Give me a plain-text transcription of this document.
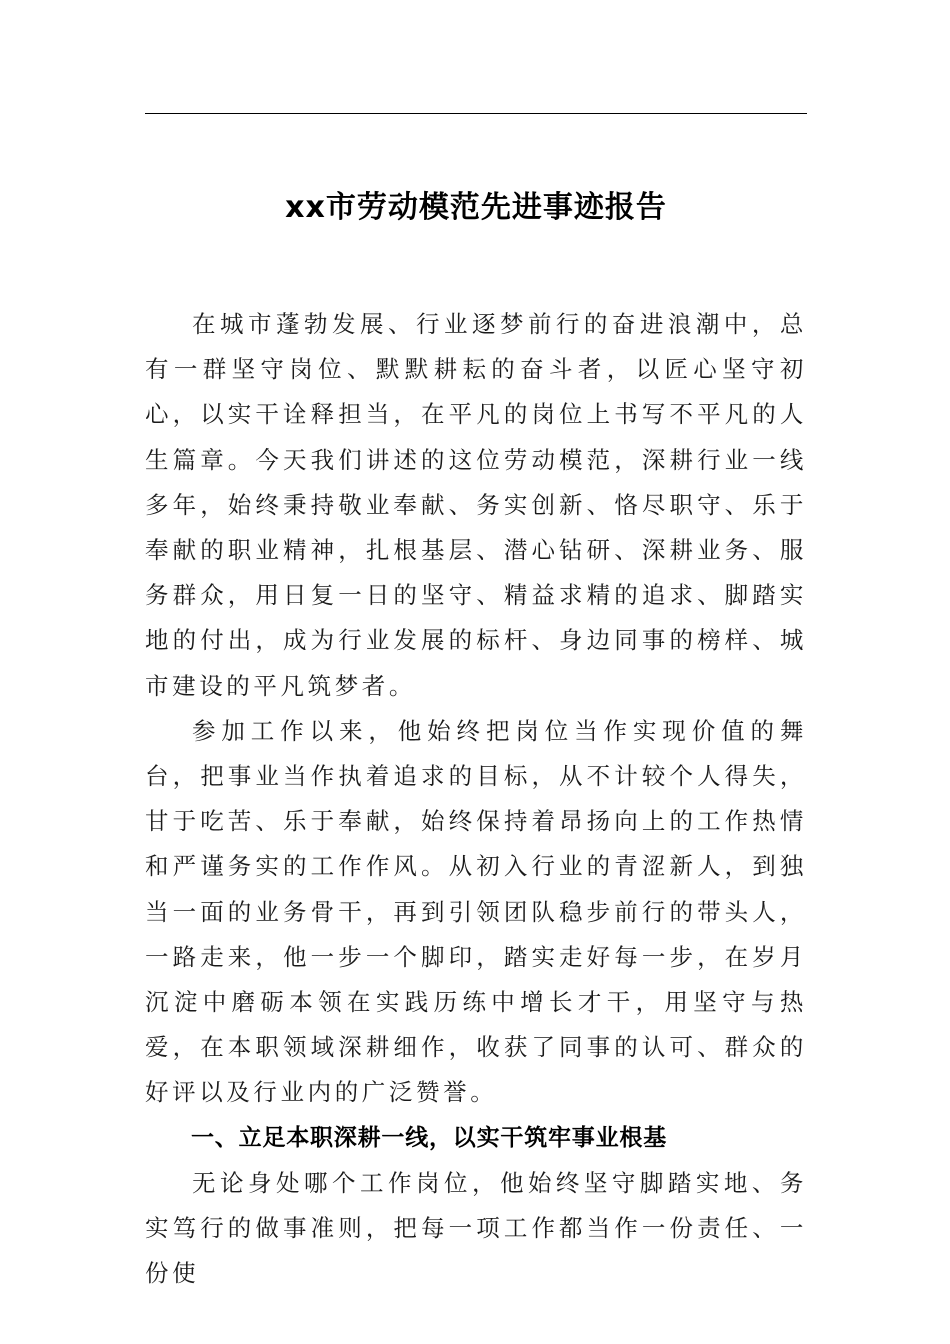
xx市劳动模范先进事迹报告

在城市蓬勃发展、行业逐梦前行的奋进浪潮中，总有一群坚守岗位、默默耕耘的奋斗者，以匠心坚守初心，以实干诠释担当，在平凡的岗位上书写不平凡的人生篇章。今天我们讲述的这位劳动模范，深耕行业一线多年，始终秉持敬业奉献、务实创新、恪尽职守、乐于奉献的职业精神，扎根基层、潜心钻研、深耕业务、服务群众，用日复一日的坚守、精益求精的追求、脚踏实地的付出，成为行业发展的标杆、身边同事的榜样、城市建设的平凡筑梦者。

参加工作以来，他始终把岗位当作实现价值的舞台，把事业当作执着追求的目标，从不计较个人得失，甘于吃苦、乐于奉献，始终保持着昂扬向上的工作热情和严谨务实的工作作风。从初入行业的青涩新人，到独当一面的业务骨干，再到引领团队稳步前行的带头人，一路走来，他一步一个脚印，踏实走好每一步，在岁月沉淀中磨砺本领在实践历练中增长才干，用坚守与热爱，在本职领域深耕细作，收获了同事的认可、群众的好评以及行业内的广泛赞誉。

一、立足本职深耕一线，以实干筑牢事业根基

无论身处哪个工作岗位，他始终坚守脚踏实地、务实笃行的做事准则，把每一项工作都当作一份责任、一份使
